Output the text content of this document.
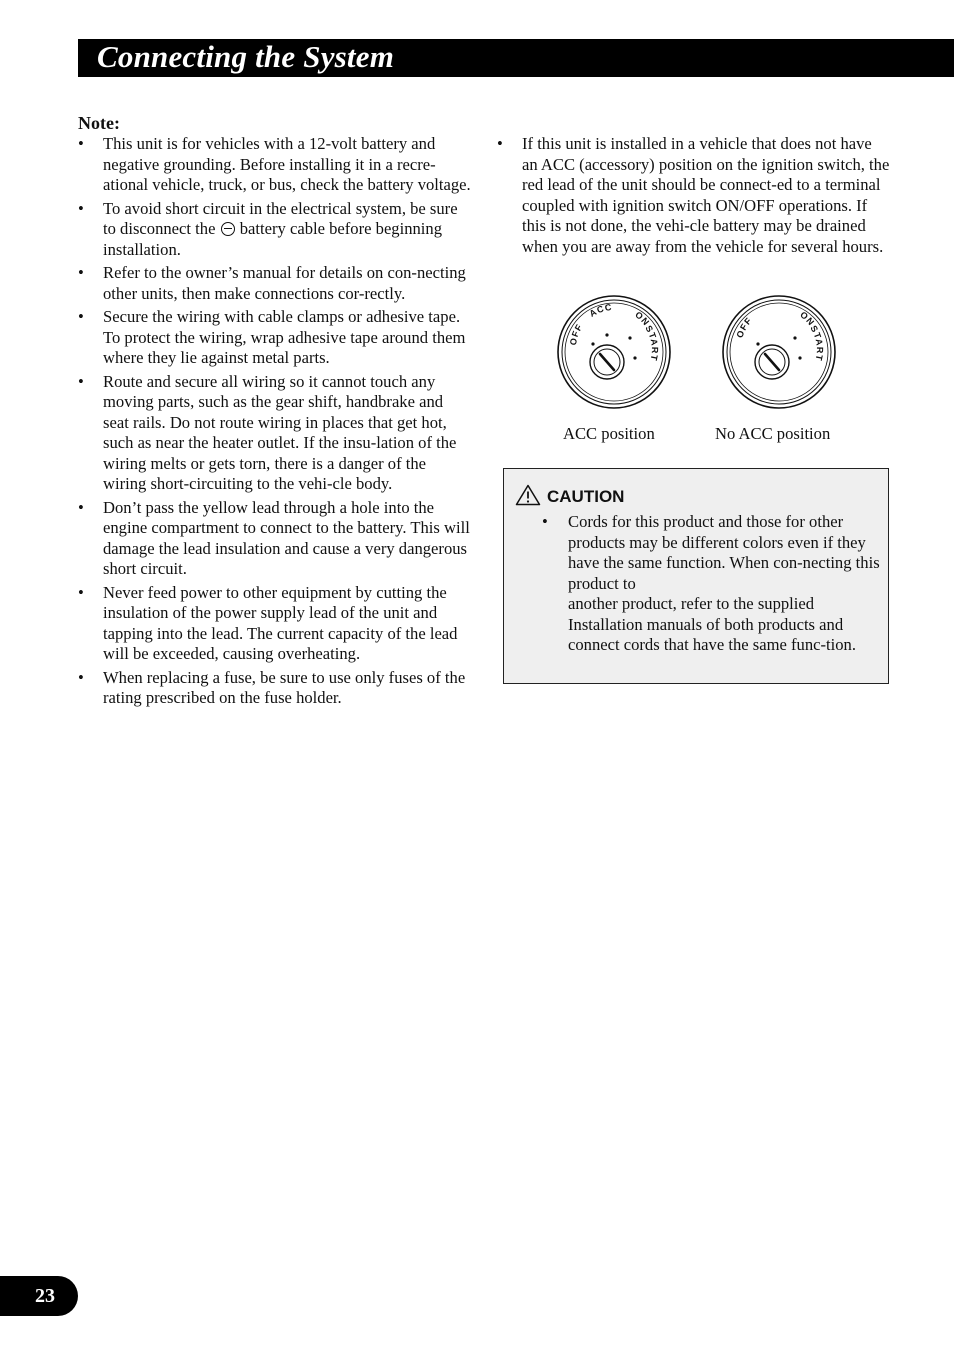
Connecting the System
Note:
• This unit is for vehicles with a 12-volt battery and negative grounding. Before installing it in a recre-ational vehicle, truck, or bus, check the battery voltage.
• To avoid short circuit in the electrical system, be sure to disconnect the battery cable before beginning installation.
• Refer to the owner’s manual for details on con-necting other units, then make connections cor-rectly.
• Secure the wiring with cable clamps or adhesive tape. To protect the wiring, wrap adhesive tape around them where they lie against metal parts.
• Route and secure all wiring so it cannot touch any moving parts, such as the gear shift, handbrake and seat rails. Do not route wiring in places that get hot, such as near the heater outlet. If the insu-lation of the wiring melts or gets torn, there is a danger of the wiring short-circuiting to the vehi-cle body.
• Don’t pass the yellow lead through a hole into the engine compartment to connect to the battery. This will damage the lead insulation and cause a very dangerous short circuit.
• Never feed power to other equipment by cutting the insulation of the power supply lead of the unit and tapping into the lead. The current capacity of the lead will be exceeded, causing overheating.
• When replacing a fuse, be sure to use only fuses of the rating prescribed on the fuse holder.
• If this unit is installed in a vehicle that does not have an ACC (accessory) position on the ignition switch, the red lead of the unit should be connect-ed to a terminal coupled with ignition switch ON/OFF operations. If this is not done, the vehi-cle battery may be drained when you are away from the vehicle for several hours.
OFF
ACC
ON
START
OFF	ON
START
ACC position	No ACC position
CAUTION
• Cords for this product and those for other products may be different colors even if they have the same function. When con-necting this product to
another product, refer to the supplied Installation manuals of both products and connect cords that have the same func-tion.
23
